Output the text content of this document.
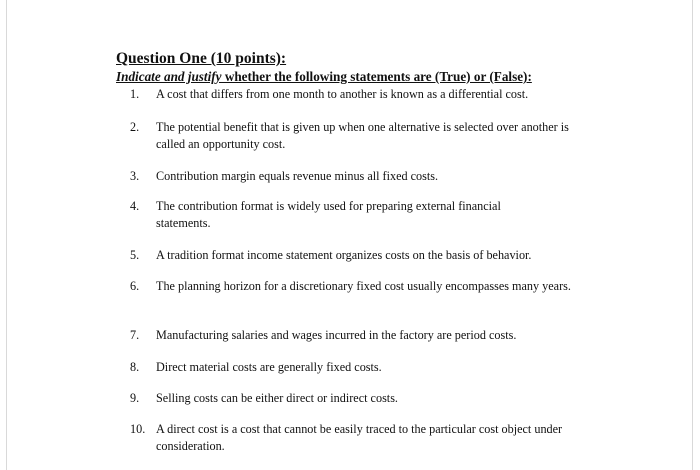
Question One (10 points):
Indicate and justify whether the following statements are (True) or (False):
1.	A cost that differs from one month to another is known as a differential cost.
2.	The potential benefit that is given up when one alternative is selected over another is called an opportunity cost.
3.	Contribution margin equals revenue minus all fixed costs.
4.	The contribution format is widely used for preparing external financial statements.
5.	A tradition format income statement organizes costs on the basis of behavior.
6.	The planning horizon for a discretionary fixed cost usually encompasses many years.
7.	Manufacturing salaries and wages incurred in the factory are period costs.
8.	Direct material costs are generally fixed costs.
9.	Selling costs can be either direct or indirect costs.
10. A direct cost is a cost that cannot be easily traced to the particular cost object under consideration.
